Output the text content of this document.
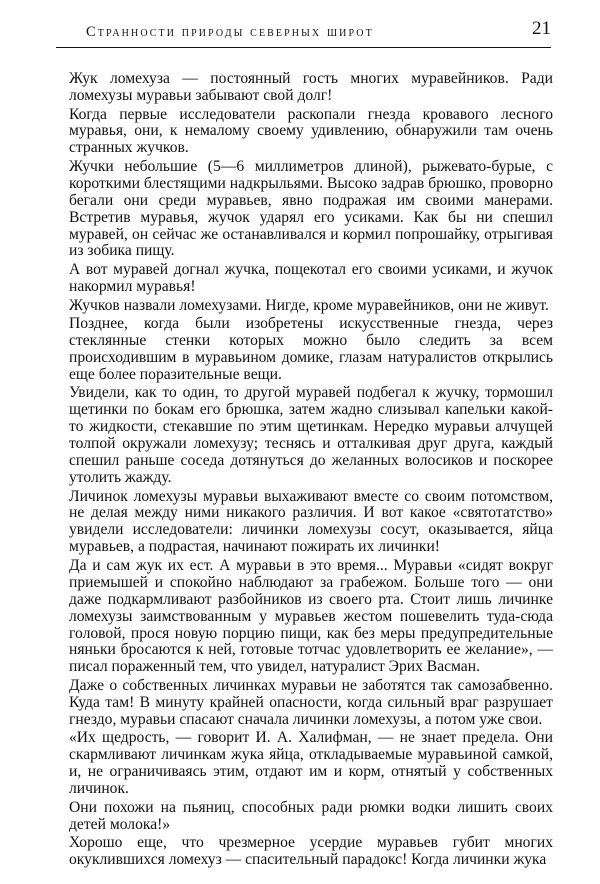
Странности природы северных широт	21

Жук ломехуза — постоянный гость многих муравейников. Ради ломехузы муравьи забывают свой долг!

Когда первые исследователи раскопали гнезда кровавого лесного муравья, они, к немалому своему удивлению, обнаружили там очень странных жучков.

Жучки небольшие (5—6 миллиметров длиной), рыжевато-бурые, с короткими блестящими надкрыльями. Высоко задрав брюшко, проворно бегали они среди муравьев, явно подражая им своими манерами. Встретив муравья, жучок ударял его усиками. Как бы ни спешил муравей, он сейчас же останавливался и кормил попрошайку, отрыгивая из зобика пищу.

А вот муравей догнал жучка, пощекотал его своими усиками, и жучок накормил муравья!

Жучков назвали ломехузами. Нигде, кроме муравейников, они не живут.

Позднее, когда были изобретены искусственные гнезда, через стеклянные стенки которых можно было следить за всем происходившим в муравьином домике, глазам натуралистов открылись еще более поразительные вещи.

Увидели, как то один, то другой муравей подбегал к жучку, тормошил щетинки по бокам его брюшка, затем жадно слизывал капельки какой-то жидкости, стекавшие по этим щетинкам. Нередко муравьи алчущей толпой окружали ломехузу; теснясь и отталкивая друг друга, каждый спешил раньше соседа дотянуться до желанных волосиков и поскорее утолить жажду.

Личинок ломехузы муравьи выхаживают вместе со своим потомством, не делая между ними никакого различия. И вот какое «святотатство» увидели исследователи: личинки ломехузы сосут, оказывается, яйца муравьев, а подрастая, начинают пожирать их личинки!

Да и сам жук их ест. А муравьи в это время... Муравьи «сидят вокруг приемышей и спокойно наблюдают за грабежом. Больше того — они даже подкармливают разбойников из своего рта. Стоит лишь личинке ломехузы заимствованным у муравьев жестом пошевелить туда-сюда головой, прося новую порцию пищи, как без меры предупредительные няньки бросаются к ней, готовые тотчас удовлетворить ее желание», — писал пораженный тем, что увидел, натуралист Эрих Васман.

Даже о собственных личинках муравьи не заботятся так самозабвенно. Куда там! В минуту крайней опасности, когда сильный враг разрушает гнездо, муравьи спасают сначала личинки ломехузы, а потом уже свои.

«Их щедрость, — говорит И. А. Халифман, — не знает предела. Они скармливают личинкам жука яйца, откладываемые муравьиной самкой, и, не ограничиваясь этим, отдают им и корм, отнятый у собственных личинок.

Они похожи на пьяниц, способных ради рюмки водки лишить своих детей молока!»

Хорошо еще, что чрезмерное усердие муравьев губит многих окуклившихся ломехуз — спасительный парадокс! Когда личинки жука
